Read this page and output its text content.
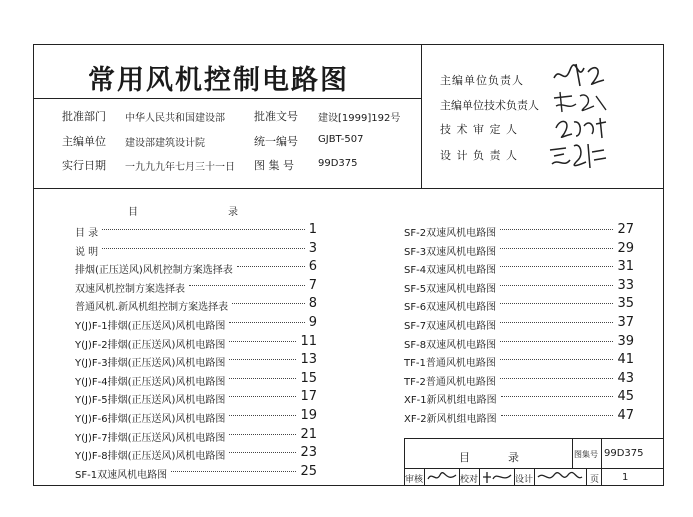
常用风机控制电路图
批准部门 中华人民共和国建设部	批准文号 建设[1999]192号
主编单位 建设部建筑设计院	统一编号 GJBT-507
实行日期 一九九九年七月三十一日 图 集 号 99D375
主编单位负责人
主编单位技术负责人
技 术 审 定 人
设 计 负 责 人
目	录
目 录	1
说 明	3
排烟(正压送风)风机控制方案选择表	6
双速风机控制方案选择表	7
普通风机.新风机组控制方案选择表	8
Y(J)F-1排烟(正压送风)风机电路图	9
Y(J)F-2排烟(正压送风)风机电路图	11
Y(J)F-3排烟(正压送风)风机电路图	13
Y(J)F-4排烟(正压送风)风机电路图	15
Y(J)F-5排烟(正压送风)风机电路图	17
Y(J)F-6排烟(正压送风)风机电路图	19
Y(J)F-7排烟(正压送风)风机电路图	21
Y(J)F-8排烟(正压送风)风机电路图	23
SF-1双速风机电路图	25
SF-2双速风机电路图	27
SF-3双速风机电路图	29
SF-4双速风机电路图	31
SF-5双速风机电路图	33
SF-6双速风机电路图	35
SF-7双速风机电路图	37
SF-8双速风机电路图	39
TF-1普通风机电路图	41
TF-2普通风机电路图	43
XF-1新风机组电路图	45
XF-2新风机组电路图	47
目	录	图集号 99D375
审核	校对	设计	页 1
